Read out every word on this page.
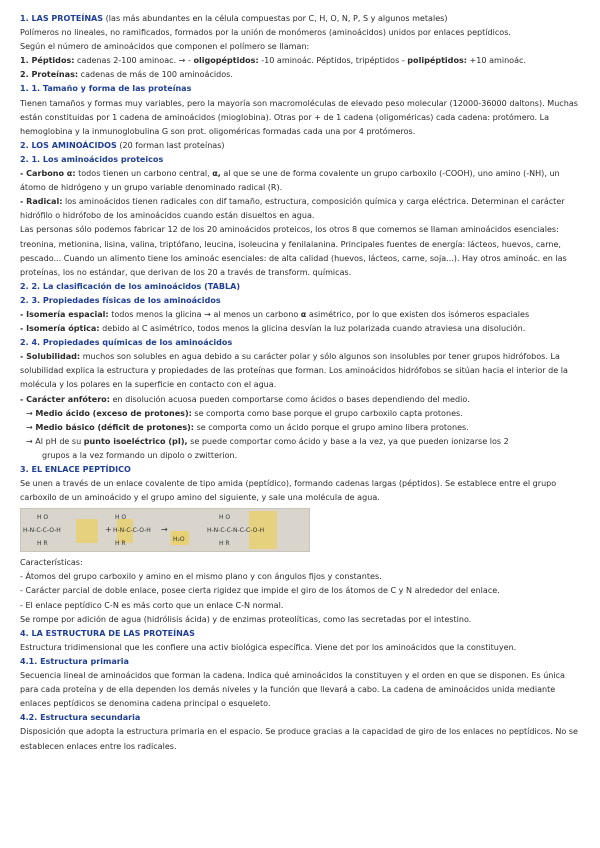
1. LAS PROTEÍNAS (las más abundantes en la célula compuestas por C, H, O, N, P, S y algunos metales)

Polímeros no lineales, no ramificados, formados por la unión de monómeros (aminoácidos) unidos por enlaces peptídicos.

Según el número de aminoácidos que componen el polímero se llaman:

1. Péptidos: cadenas 2-100 aminoac. → - oligopéptidos: -10 aminoác. Péptidos, tripéptidos - polipéptidos: +10 aminoác.

2. Proteínas: cadenas de más de 100 aminoácidos.

1. 1. Tamaño y forma de las proteínas

Tienen tamaños y formas muy variables, pero la mayoría son macromoléculas de elevado peso molecular (12000-36000 daltons). Muchas están constituidas por 1 cadena de aminoácidos (mioglobina). Otras por + de 1 cadena (oligoméricas) cada cadena: protómero. La hemoglobina y la inmunoglobulina G son prot. oligoméricas formadas cada una por 4 protómeros.

2. LOS AMINOÁCIDOS (20 forman last proteínas)

2. 1. Los aminoácidos proteicos

- Carbono α: todos tienen un carbono central, α, al que se une de forma covalente un grupo carboxilo (-COOH), uno amino (-NH), un átomo de hidrógeno y un grupo variable denominado radical (R).

- Radical: los aminoácidos tienen radicales con dif tamaño, estructura, composición química y carga eléctrica. Determinan el carácter hidrófilo o hidrófobo de los aminoácidos cuando están disueltos en agua.

Las personas sólo podemos fabricar 12 de los 20 aminoácidos proteicos, los otros 8 que comemos se llaman aminoácidos esenciales: treonina, metionina, lisina, valina, triptófano, leucina, isoleucina y fenilalanina. Principales fuentes de energía: lácteos, huevos, carne, pescado... Cuando un alimento tiene los aminoác esenciales: de alta calidad (huevos, lácteos, carne, soja...). Hay otros aminoác. en las proteínas, los no estándar, que derivan de los 20 a través de transform. químicas.

2. 2. La clasificación de los aminoácidos (TABLA)

2. 3. Propiedades físicas de los aminoácidos

- Isomería espacial: todos menos la glicina → al menos un carbono α asimétrico, por lo que existen dos isómeros espaciales

- Isomería óptica: debido al C asimétrico, todos menos la glicina desvían la luz polarizada cuando atraviesa una disolución.

2. 4. Propiedades químicas de los aminoácidos

- Solubilidad: muchos son solubles en agua debido a su carácter polar y sólo algunos son insolubles por tener grupos hidrófobos. La solubilidad explica la estructura y propiedades de las proteínas que forman. Los aminoácidos hidrófobos se sitúan hacia el interior de la molécula y los polares en la superficie en contacto con el agua.

- Carácter anfótero: en disolución acuosa pueden comportarse como ácidos o bases dependiendo del medio.

→ Medio ácido (exceso de protones): se comporta como base porque el grupo carboxilo capta protones.

→ Medio básico (déficit de protones): se comporta como un ácido porque el grupo amino libera protones.

→ Al pH de su punto isoeléctrico (pI), se puede comportar como ácido y base a la vez, ya que pueden ionizarse los 2

grupos a la vez formando un dipolo o zwitterion.

3. EL ENLACE PEPTÍDICO

Se unen a través de un enlace covalente de tipo amida (peptídico), formando cadenas largas (péptidos). Se establece entre el grupo carboxilo de un aminoácido y el grupo amino del siguiente, y sale una molécula de agua.

H O
H-N-C-C-O-H
H R
+
H O
H-N-C-C-O-H
H R
→
H₂O
H O
H-N-C-C-N-C-C-O-H
H R

Características:

- Átomos del grupo carboxilo y amino en el mismo plano y con ángulos fijos y constantes.

- Carácter parcial de doble enlace, posee cierta rigidez que impide el giro de los átomos de C y N alrededor del enlace.

- El enlace peptídico C-N es más corto que un enlace C-N normal.

Se rompe por adición de agua (hidrólisis ácida) y de enzimas proteolíticas, como las secretadas por el intestino.

4. LA ESTRUCTURA DE LAS PROTEÍNAS

Estructura tridimensional que les confiere una activ biológica específica. Viene det por los aminoácidos que la constituyen.

4.1. Estructura primaria

Secuencia lineal de aminoácidos que forman la cadena. Indica qué aminoácidos la constituyen y el orden en que se disponen. Es única para cada proteína y de ella dependen los demás niveles y la función que llevará a cabo. La cadena de aminoácidos unida mediante enlaces peptídicos se denomina cadena principal o esqueleto.

4.2. Estructura secundaria

Disposición que adopta la estructura primaria en el espacio. Se produce gracias a la capacidad de giro de los enlaces no peptídicos. No se establecen enlaces entre los radicales.
